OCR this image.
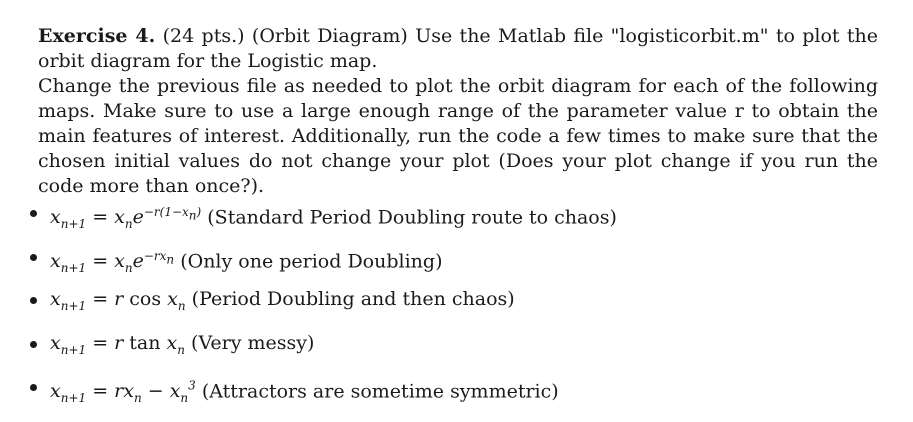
Exercise 4. (24 pts.) (Orbit Diagram) Use the Matlab file "logisticorbit.m" to plot the orbit diagram for the Logistic map.

Change the previous file as needed to plot the orbit diagram for each of the following maps. Make sure to use a large enough range of the parameter value r to obtain the main features of interest. Additionally, run the code a few times to make sure that the chosen initial values do not change your plot (Does your plot change if you run the code more than once?).

$x_{n+1} = x_ne^{-r(1-x_n)}$ (Standard Period Doubling route to chaos)
$x_{n+1} = x_ne^{-rx_n}$ (Only one period Doubling)
$x_{n+1} = r$ $\cos x_n$ (Period Doubling and then chaos)
$x_{n+1} = r$ $\tan x_n$ (Very messy)
$x_{n+1} = rx_n - x_n^3$ (Attractors are sometime symmetric)
